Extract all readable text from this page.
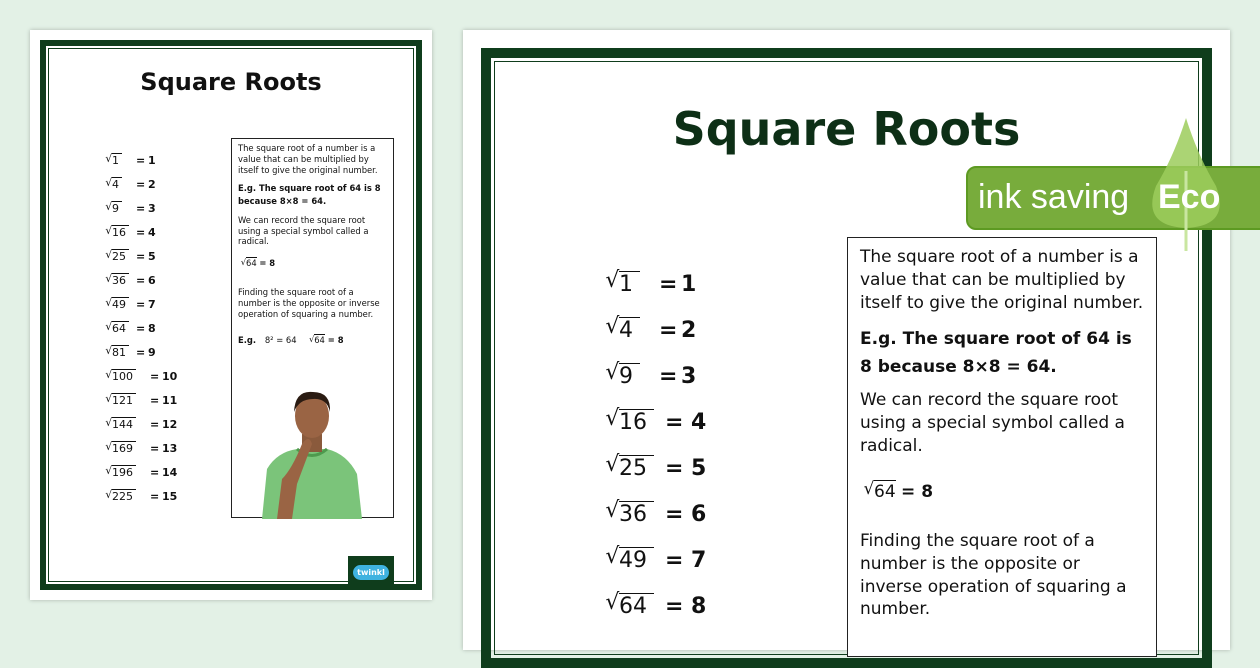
Square Roots
√ 1 = 1
√ 4 = 2
√ 9 = 3
√ 16 = 4
√ 25 = 5
√ 36 = 6
√ 49 = 7
√ 64 = 8
√ 81 = 9
√ 100 = 10
√ 121 = 11
√ 144 = 12
√ 169 = 13
√ 196 = 14
√ 225 = 15

The square root of a number is a value that can be multiplied by itself to give the original number.

E.g. The square root of 64 is 8 because 8×8 = 64.

We can record the square root using a special symbol called a radical.

√ 64 = 8

Finding the square root of a number is the opposite or inverse operation of squaring a number.

E.g. 8² = 64 √ 64 = 8

twinkl
Square Roots
√ 1 = 1
√ 4 = 2
√ 9 = 3
√ 16 = 4
√ 25 = 5
√ 36 = 6
√ 49 = 7
√ 64 = 8

The square root of a number is a value that can be multiplied by itself to give the original number.

E.g. The square root of 64 is 8 because 8×8 = 64.

We can record the square root using a special symbol called a radical.

√ 64 = 8

Finding the square root of a number is the opposite or inverse operation of squaring a number.

ink saving Eco
